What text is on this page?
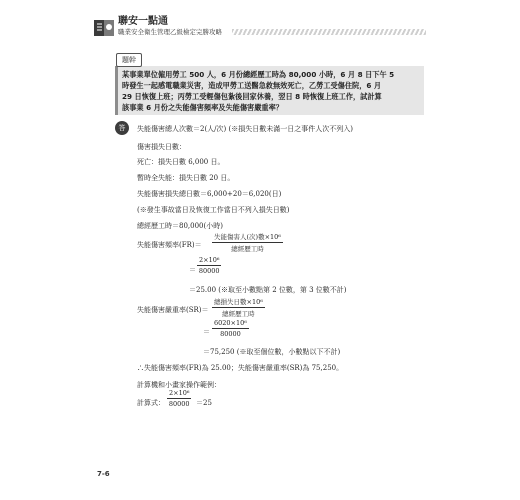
聯安一點通
職業安全衛生管理乙級檢定完勝攻略
題幹
某事業單位僱用勞工 500 人，6 月份總經歷工時為 80,000 小時，6 月 8 日下午 5
時發生一起感電職業災害，造成甲勞工送醫急救無效死亡，乙勞工受傷住院，6 月
29 日恢復上班；丙勞工受輕傷包紮後回家休養，翌日 8 時恢復上班工作，試計算
該事業 6 月份之失能傷害頻率及失能傷害嚴重率？
答	失能傷害總人次數＝2(人/次) (※損失日數未滿一日之事件人次不列入)
傷害損失日數：
死亡：損失日數 6,000 日。
暫時全失能：損失日數 20 日。
失能傷害損失總日數＝6,000+20＝6,020(日)
(※發生事故當日及恢復工作當日不列入損失日數)
總經歷工時＝80,000(小時)
失能傷害頻率(FR)＝
失能傷害人(次)數×10⁶
總經歷工時
＝ $\frac{\text{2×10⁶}}{80000}$
＝25.00 (※取至小數點第 2 位數，第 3 位數不計)
失能傷害嚴重率(SR)＝
總損失日數×10⁶
總經歷工時
＝ $\frac{\text{6020×10⁶}}{80000}$
＝75,250 (※取至個位數，小數點以下不計)
∴失能傷害頻率(FR)為 25.00；失能傷害嚴重率(SR)為 75,250。
計算機和小畫家操作範例：
計算式： $\frac{\text{2×10⁶}}{80000} =25$
7-6
